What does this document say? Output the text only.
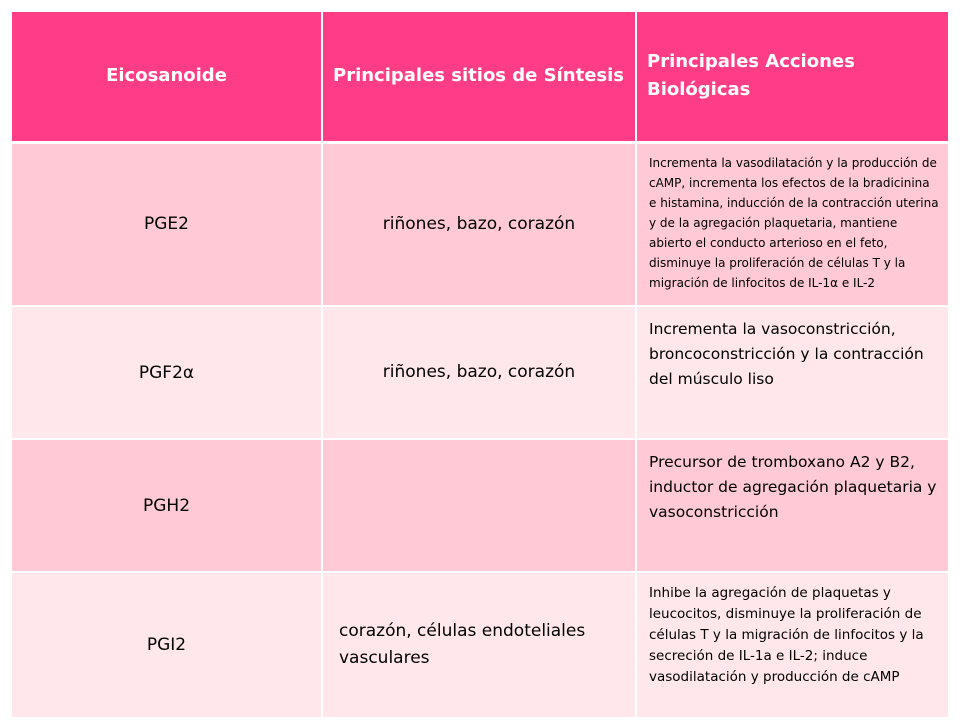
Eicosanoide	Principales sitios de Síntesis	Principales Acciones Biológicas
PGE2	riñones, bazo, corazón	Incrementa la vasodilatación y la producción de cAMP, incrementa los efectos de la bradicinina e histamina, inducción de la contracción uterina y de la agregación plaquetaria, mantiene abierto el conducto arterioso en el feto, disminuye la proliferación de células T y la migración de linfocitos de IL-1α e IL-2
PGF2α	riñones, bazo, corazón	Incrementa la vasoconstricción, broncoconstricción y la contracción del músculo liso
PGH2		Precursor de tromboxano A2 y B2, inductor de agregación plaquetaria y vasoconstricción
PGI2	corazón, células endoteliales vasculares	Inhibe la agregación de plaquetas y leucocitos, disminuye la proliferación de células T y la migración de linfocitos y la secreción de IL-1a e IL-2; induce vasodilatación y producción de cAMP
